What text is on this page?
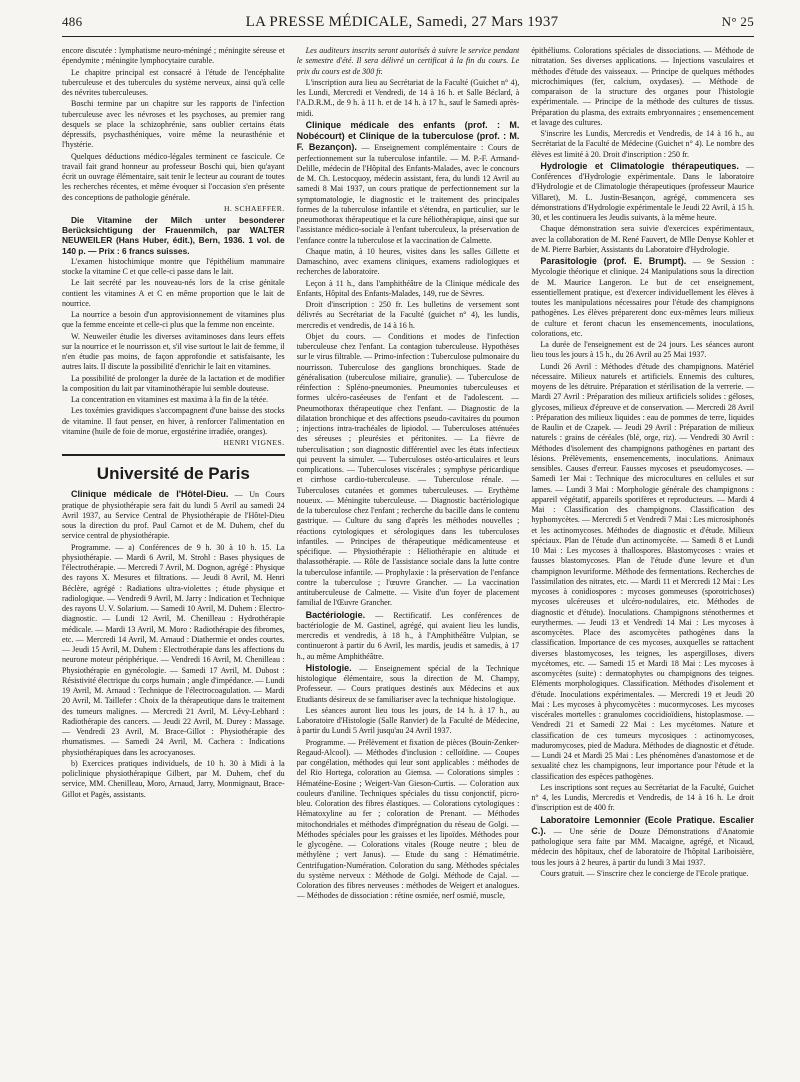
486	LA PRESSE MÉDICALE, Samedi, 27 Mars 1937	N° 25

encore discutée : lymphatisme neuro-méningé ; méningite séreuse et épendymite ; méningite lymphocytaire curable.

Le chapitre principal est consacré à l'étude de l'encéphalite tuberculeuse et des tubercules du système nerveux, ainsi qu'à celle des névrites tuberculeuses.

Boschi termine par un chapitre sur les rapports de l'infection tuberculeuse avec les névroses et les psychoses, au premier rang desquels se place la schizophrénie, sans oublier certains états dépressifs, psychasthéniques, voire même la neurasthénie et l'hystérie.

Quelques déductions médico-légales terminent ce fascicule. Ce travail fait grand honneur au professeur Boschi qui, bien qu'ayant écrit un ouvrage élémentaire, sait tenir le lecteur au courant de toutes les recherches récentes, et même évoquer si l'occasion s'en présente des conceptions de pathologie générale.

H. SCHAEFFER.

Die Vitamine der Milch unter besonderer Berücksichtigung der Frauenmilch, par WALTER NEUWEILER (Hans Huber, édit.), Bern, 1936. 1 vol. de 140 p. — Prix : 6 francs suisses.

L'examen histochimique montre que l'épithélium mammaire stocke la vitamine C et que celle-ci passe dans le lait.

Le lait secrété par les nouveau-nés lors de la crise génitale contient les vitamines A et C en même proportion que le lait de nourrice.

La nourrice a besoin d'un approvisionnement de vitamines plus que la femme enceinte et celle-ci plus que la femme non enceinte.

W. Neuweiler étudie les diverses avitaminoses dans leurs effets sur la nourrice et le nourrisson et, s'il vise surtout le lait de femme, il n'en étudie pas moins, de façon approfondie et satisfaisante, les autres laits. Il discute la possibilité d'enrichir le lait en vitamines.

La possibilité de prolonger la durée de la lactation et de modifier la composition du lait par vitaminothérapie lui semble douteuse.

La concentration en vitamines est maxima à la fin de la tétée.

Les toxémies gravidiques s'accompagnent d'une baisse des stocks de vitamine. Il faut penser, en hiver, à renforcer l'alimentation en vitamine (huile de foie de morue, ergostérine irradiée, oranges).

HENRI VIGNES.

Université de Paris

Clinique médicale de l'Hôtel-Dieu. — Un Cours pratique de physiothérapie sera fait du lundi 5 Avril au samedi 24 Avril 1937, au Service Central de Physiothérapie de l'Hôtel-Dieu sous la direction du prof. Paul Carnot et de M. Duhem, chef du service central de physiothérapie.

Programme. — a) Conférences de 9 h. 30 à 10 h. 15. La physiothérapie. — Mardi 6 Avril, M. Strohl : Bases physiques de l'électrothérapie. — Mercredi 7 Avril, M. Dognon, agrégé : Physique des rayons X. Mesures et filtrations. — Jeudi 8 Avril, M. Henri Béclère, agrégé : Radiations ultra-violettes ; étude physique et radiologique. — Vendredi 9 Avril, M. Jarry : Indication et Technique des rayons U. V. Solarium. — Samedi 10 Avril, M. Duhem : Electro-diagnostic. — Lundi 12 Avril, M. Chenilleau : Hydrothérapie médicale. — Mardi 13 Avril, M. Moro : Radiothérapie des fibromes, etc. — Mercredi 14 Avril, M. Arnaud : Diathermie et ondes courtes. — Jeudi 15 Avril, M. Duhem : Electrothérapie dans les affections du neurone moteur périphérique. — Vendredi 16 Avril, M. Chenilleau : Physiothérapie en gynécologie. — Samedi 17 Avril, M. Dubost : Résistivité électrique du corps humain ; angle d'impédance. — Lundi 19 Avril, M. Arnaud : Technique de l'électrocoagulation. — Mardi 20 Avril, M. Taillefer : Choix de la thérapeutique dans le traitement des tumeurs malignes. — Mercredi 21 Avril, M. Lévy-Lebhard : Radiothérapie des cancers. — Jeudi 22 Avril, M. Durey : Massage. — Vendredi 23 Avril, M. Brace-Gillot : Physiothérapie des rhumatismes. — Samedi 24 Avril, M. Cachera : Indications physiothérapiques dans les acrocyanoses.

b) Exercices pratiques individuels, de 10 h. 30 à Midi à la policlinique physiothérapique Gilbert, par M. Duhem, chef du service, MM. Chenilleau, Moro, Arnaud, Jarry, Monmignaut, Brace-Gillot et Pagès, assistants.

Les auditeurs inscrits seront autorisés à suivre le service pendant le semestre d'été. Il sera délivré un certificat à la fin du cours. Le prix du cours est de 300 fr.

L'inscription aura lieu au Secrétariat de la Faculté (Guichet n° 4), les Lundi, Mercredi et Vendredi, de 14 à 16 h. et Salle Béclard, à l'A.D.R.M., de 9 h. à 11 h. et de 14 h. à 17 h., sauf le Samedi après-midi.

Clinique médicale des enfants (prof. : M. Nobécourt) et Clinique de la tuberculose (prof. : M. F. Bezançon). — Enseignement complémentaire : Cours de perfectionnement sur la tuberculose infantile. — M. P.-F. Armand-Delille, médecin de l'Hôpital des Enfants-Malades, avec le concours de M. Ch. Lestocquoy, médecin assistant, fera, du lundi 12 Avril au samedi 8 Mai 1937, un cours pratique de perfectionnement sur la symptomatologie, le diagnostic et le traitement des principales formes de la tuberculose infantile et s'étendra, en particulier, sur le pneumothorax thérapeutique et la cure héliothérapique, ainsi que sur l'assistance médico-sociale à l'enfant tuberculeux, la préservation de l'enfance contre la tuberculose et la vaccination de Calmette.

Chaque matin, à 10 heures, visites dans les salles Gillette et Damaschino, avec examens cliniques, examens radiologiques et recherches de laboratoire.

Leçon à 11 h., dans l'amphithéâtre de la Clinique médicale des Enfants, Hôpital des Enfants-Malades, 149, rue de Sèvres.

Droit d'inscription : 250 fr. Les bulletins de versement sont délivrés au Secrétariat de la Faculté (guichet n° 4), les lundis, mercredis et vendredis, de 14 à 16 h.

Objet du cours. — Conditions et modes de l'infection tuberculeuse chez l'enfant. La contagion tuberculeuse. Hypothèses sur le virus filtrable. — Primo-infection : Tuberculose pulmonaire du nourrisson. Tuberculose des ganglions bronchiques. Stade de généralisation (tuberculose miliaire, granulie). — Tuberculose de réinfection : Spléno-pneumonies. Pneumonies tuberculeuses et formes ulcéro-caséeuses de l'enfant et de l'adolescent. — Pneumothorax thérapeutique chez l'enfant. — Diagnostic de la dilatation bronchique et des affections pseudo-cavitaires du poumon ; injections intra-trachéales de lipiodol. — Tuberculoses atténuées des séreuses ; pleurésies et péritonites. — La fièvre de tuberculisation ; son diagnostic différentiel avec les états infectieux qui peuvent la simuler. — Tuberculoses ostéo-articulaires et leurs complications. — Tuberculoses viscérales ; symphyse péricardique et cirrhose cardio-tuberculeuse. — Tuberculose rénale. — Tuberculoses cutanées et gommes tuberculeuses. — Erythème noueux. — Méningite tuberculeuse. — Diagnostic bactériologique de la tuberculose chez l'enfant ; recherche du bacille dans le contenu gastrique. — Culture du sang d'après les méthodes nouvelles ; réactions cytologiques et sérologiques dans les tuberculoses infantiles. — Principes de thérapeutique médicamenteuse et spécifique. — Physiothérapie : Héliothérapie en altitude et thalassothérapie. — Rôle de l'assistance sociale dans la lutte contre la tuberculose infantile. — Prophylaxie : la préservation de l'enfance contre la tuberculose ; l'œuvre Grancher. — La vaccination antituberculeuse de Calmette. — Visite d'un foyer de placement familial de l'Œuvre Grancher.

Bactériologie. — Rectificatif. Les conférences de bactériologie de M. Gastinel, agrégé, qui avaient lieu les lundis, mercredis et vendredis, à 18 h., à l'Amphithéâtre Vulpian, se continueront à partir du 6 Avril, les mardis, jeudis et samedis, à 17 h., au même Amphithéâtre.

Histologie. — Enseignement spécial de la Technique histologique élémentaire, sous la direction de M. Champy, Professeur. — Cours pratiques destinés aux Médecins et aux Etudiants désireux de se familiariser avec la technique histologique.

Les séances auront lieu tous les jours, de 14 h. à 17 h., au Laboratoire d'Histologie (Salle Ranvier) de la Faculté de Médecine, à partir du Lundi 5 Avril jusqu'au 24 Avril 1937.

Programme. — Prélèvement et fixation de pièces (Bouin-Zenker-Regaud-Alcool). — Méthodes d'inclusion : celloïdine. — Coupes par congélation, méthodes qui leur sont applicables : méthodes de del Rio Hortega, coloration au Giemsa. — Colorations simples : Hématéine-Eosine ; Weigert-Van Gieson-Curtis. — Coloration aux couleurs d'aniline. Techniques spéciales du tissu conjonctif, picro-bleu. Coloration des fibres élastiques. — Colorations cytologiques : Hématoxyline au fer ; coloration de Prenant. — Méthodes mitochondriales et méthodes d'imprégnation du réseau de Golgi. — Méthodes spéciales pour les graisses et les lipoïdes. Méthodes pour le glycogène. — Colorations vitales (Rouge neutre ; bleu de méthylène ; vert Janus). — Etude du sang : Hématimétrie. Centrifugation-Numération. Coloration du sang. Méthodes spéciales du système nerveux : Méthode de Golgi. Méthode de Cajal. — Coloration des fibres nerveuses : méthodes de Weigert et analogues. — Méthodes de dissociation : rétine osmiée, nerf osmié, muscle,

épithéliums. Colorations spéciales de dissociations. — Méthode de nitratation. Ses diverses applications. — Injections vasculaires et méthodes d'étude des vaisseaux. — Principe de quelques méthodes microchimiques (fer, calcium, oxydases). — Méthode de comparaison de la structure des organes pour l'histologie expérimentale. — Principe de la méthode des cultures de tissus. Préparation du plasma, des extraits embryonnaires ; ensemencement et lavage des cultures.

S'inscrire les Lundis, Mercredis et Vendredis, de 14 à 16 h., au Secrétariat de la Faculté de Médecine (Guichet n° 4). Le nombre des élèves est limité à 20. Droit d'inscription : 250 fr.

Hydrologie et Climatologie thérapeutiques. — Conférences d'Hydrologie expérimentale. Dans le laboratoire d'Hydrologie et de Climatologie thérapeutiques (professeur Maurice Villaret), M. L. Justin-Besançon, agrégé, commencera ses démonstrations d'Hydrologie expérimentale le Jeudi 22 Avril, à 15 h. 30, et les continuera les Jeudis suivants, à la même heure.

Chaque démonstration sera suivie d'exercices expérimentaux, avec la collaboration de M. René Fauvert, de Mlle Denyse Kohler et de M. Pierre Barbier, Assistants du Laboratoire d'Hydrologie.

Parasitologie (prof. E. Brumpt). — 9e Session : Mycologie théorique et clinique. 24 Manipulations sous la direction de M. Maurice Langeron. Le but de cet enseignement, essentiellement pratique, est d'exercer individuellement les élèves à toutes les manipulations nécessaires pour l'étude des champignons pathogènes. Les élèves préparerent donc eux-mêmes leurs milieux de culture et feront chacun les ensemencements, inoculations, colorations, etc.

La durée de l'enseignement est de 24 jours. Les séances auront lieu tous les jours à 15 h., du 26 Avril au 25 Mai 1937.

Lundi 26 Avril : Méthodes d'étude des champignons. Matériel nécessaire. Milieux naturels et artificiels. Ennemis des cultures, moyens de les détruire. Préparation et stérilisation de la verrerie. — Mardi 27 Avril : Préparation des milieux artificiels solides : géloses, glycoses, milieux d'épreuve et de conservation. — Mercredi 28 Avril : Préparation des milieux liquides : eau de pommes de terre, liquides de Raulin et de Czapek. — Jeudi 29 Avril : Préparation de milieux naturels : grains de céréales (blé, orge, riz). — Vendredi 30 Avril : Méthodes d'isolement des champignons pathogènes en partant des lésions. Prélèvements, ensemencements, inoculations. Animaux sensibles. Causes d'erreur. Fausses mycoses et pseudomycoses. — Samedi 1er Mai : Technique des microcultures en cellules et sur lames. — Lundi 3 Mai : Morphologie générale des champignons : appareil végétatif, appareils sporifères et reproducteurs. — Mardi 4 Mai : Classification des champignons. Classification des hyphomycètes. — Mercredi 5 et Vendredi 7 Mai : Les microsiphonés et les actinomycoses. Méthodes de diagnostic et d'étude. Milieux spéciaux. Plan de l'étude d'un actinomycète. — Samedi 8 et Lundi 10 Mai : Les mycoses à thallospores. Blastomycoses : vraies et fausses blastomycoses. Plan de l'étude d'une levure et d'un champignon levuriforme. Méthode des fermentations. Recherches de l'assimilation des nitrates, etc. — Mardi 11 et Mercredi 12 Mai : Les mycoses à conidiospores : mycoses gommeuses (sporotrichoses) mycoses ulcéreuses et ulcéro-nodulaires, etc. Méthodes de diagnostic et d'étude). Inoculations. Champignons sténothermes et eurythermes. — Jeudi 13 et Vendredi 14 Mai : Les mycoses à ascomycètes. Place des ascomycètes pathogènes dans la classification. Importance de ces mycoses, auxquelles se rattachent diverses blastomycoses, les teignes, les aspergilloses, divers mycétomes, etc. — Samedi 15 et Mardi 18 Mai : Les mycoses à ascomycètes (suite) : dermatophytes ou champignons des teignes. Eléments morphologiques. Classification. Méthodes d'isolement et d'étude. Inoculations expérimentales. — Mercredi 19 et Jeudi 20 Mai : Les mycoses à phycomycètes : mucormycoses. Les mycoses viscérales mortelles : granulomes coccidioïdiens, histoplasmose. — Vendredi 21 et Samedi 22 Mai : Les mycétomes. Nature et classification de ces tumeurs mycosiques : actinomycoses, maduromycoses, pied de Madura. Méthodes de diagnostic et d'étude. — Lundi 24 et Mardi 25 Mai : Les phénomènes d'anastomose et de sexualité chez les champignons, leur importance pour l'étude et la classification des espèces pathogènes.

Les inscriptions sont reçues au Secrétariat de la Faculté, Guichet n° 4, les Lundis, Mercredis et Vendredis, de 14 à 16 h. Le droit d'inscription est de 400 fr.

Laboratoire Lemonnier (Ecole Pratique. Escalier C.). — Une série de Douze Démonstrations d'Anatomie pathologique sera faite par MM. Macaigne, agrégé, et Nicaud, médecin des hôpitaux, chef de laboratoire de l'hôpital Lariboisière, tous les jours à 2 heures, à partir du lundi 3 Mai 1937.

Cours gratuit. — S'inscrire chez le concierge de l'Ecole pratique.
